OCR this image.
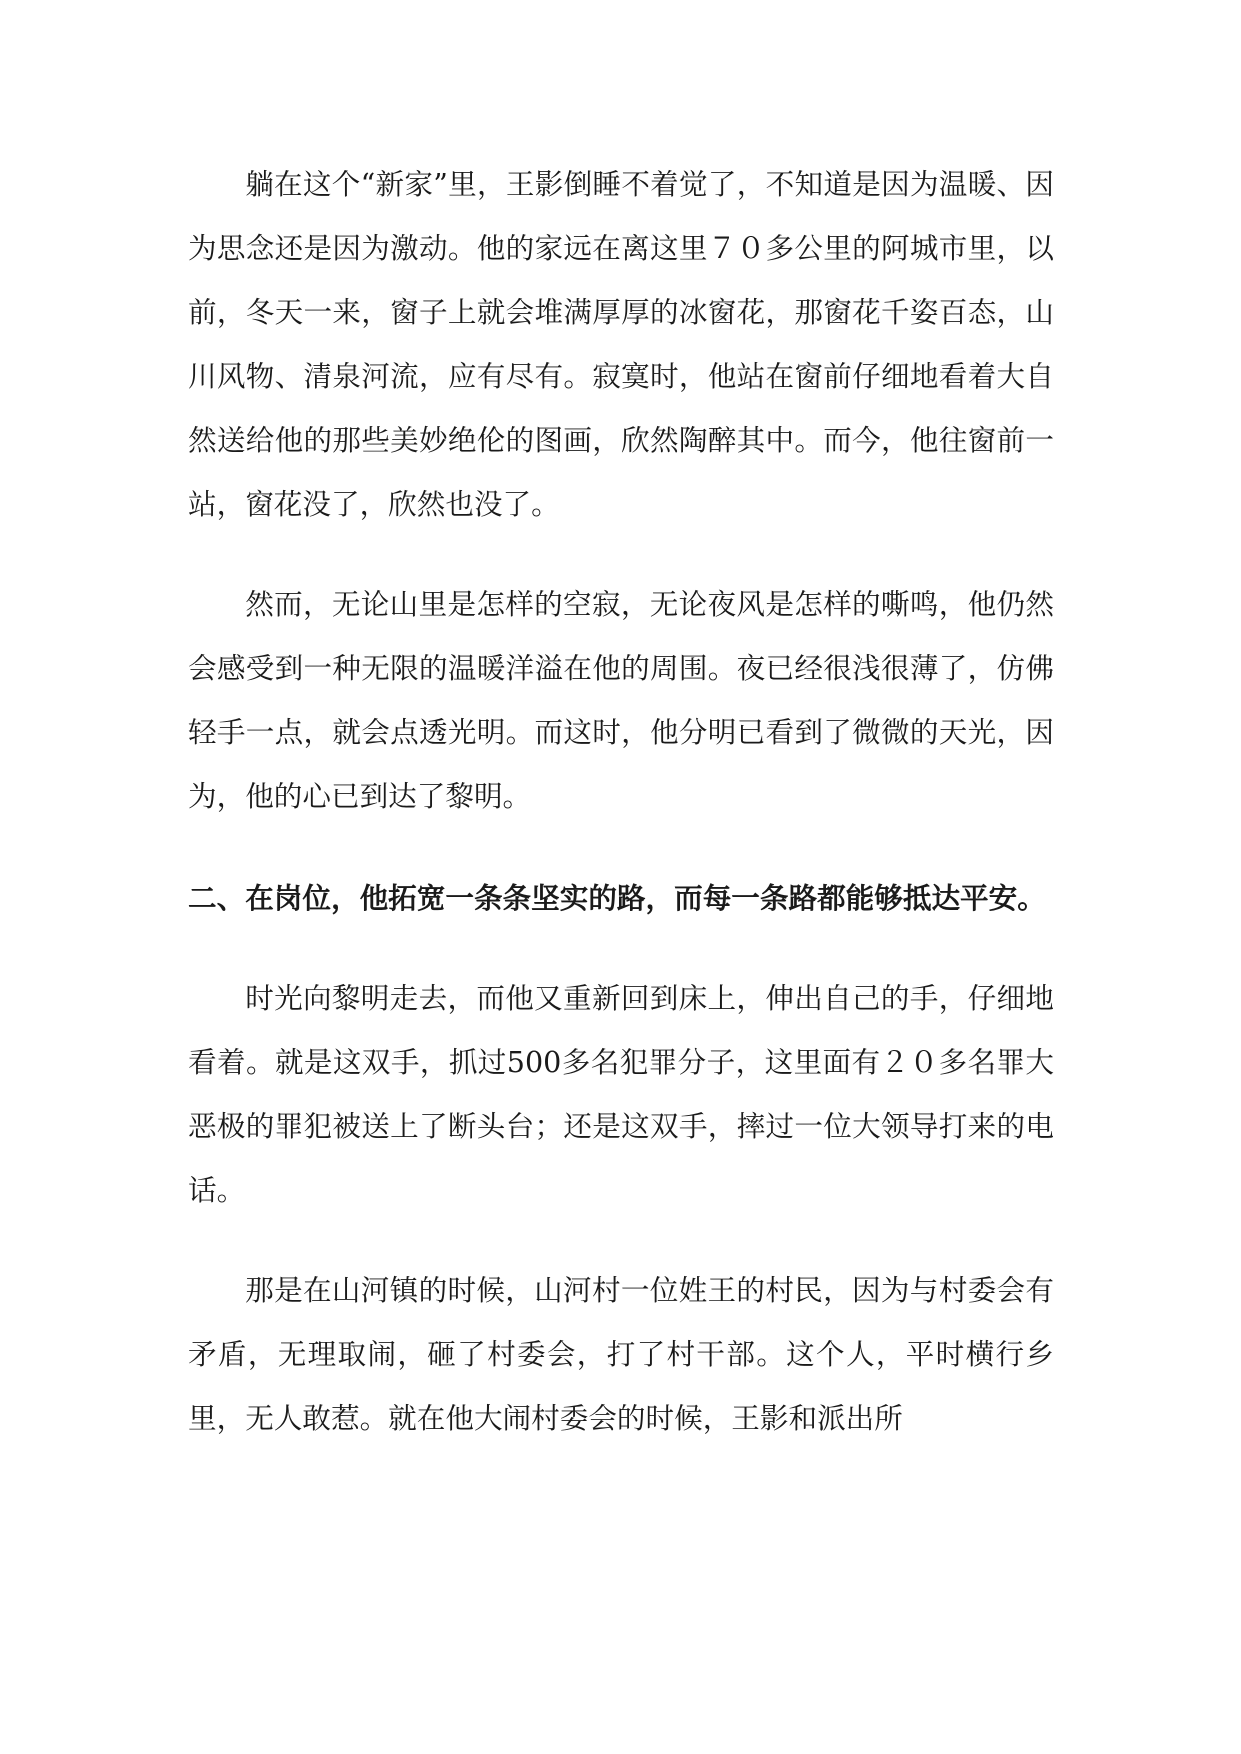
躺在这个“新家”里，王影倒睡不着觉了，不知道是因为温暖、因为思念还是因为激动。他的家远在离这里７０多公里的阿城市里，以前，冬天一来，窗子上就会堆满厚厚的冰窗花，那窗花千姿百态，山川风物、清泉河流，应有尽有。寂寞时，他站在窗前仔细地看着大自然送给他的那些美妙绝伦的图画，欣然陶醉其中。而今，他往窗前一站，窗花没了，欣然也没了。

然而，无论山里是怎样的空寂，无论夜风是怎样的嘶鸣，他仍然会感受到一种无限的温暖洋溢在他的周围。夜已经很浅很薄了，仿佛轻手一点，就会点透光明。而这时，他分明已看到了微微的天光，因为，他的心已到达了黎明。

二、在岗位，他拓宽一条条坚实的路，而每一条路都能够抵达平安。

时光向黎明走去，而他又重新回到床上，伸出自己的手，仔细地看着。就是这双手，抓过500多名犯罪分子，这里面有２０多名罪大恶极的罪犯被送上了断头台；还是这双手，摔过一位大领导打来的电话。

那是在山河镇的时候，山河村一位姓王的村民，因为与村委会有矛盾，无理取闹，砸了村委会，打了村干部。这个人，平时横行乡里，无人敢惹。就在他大闹村委会的时候，王影和派出所
